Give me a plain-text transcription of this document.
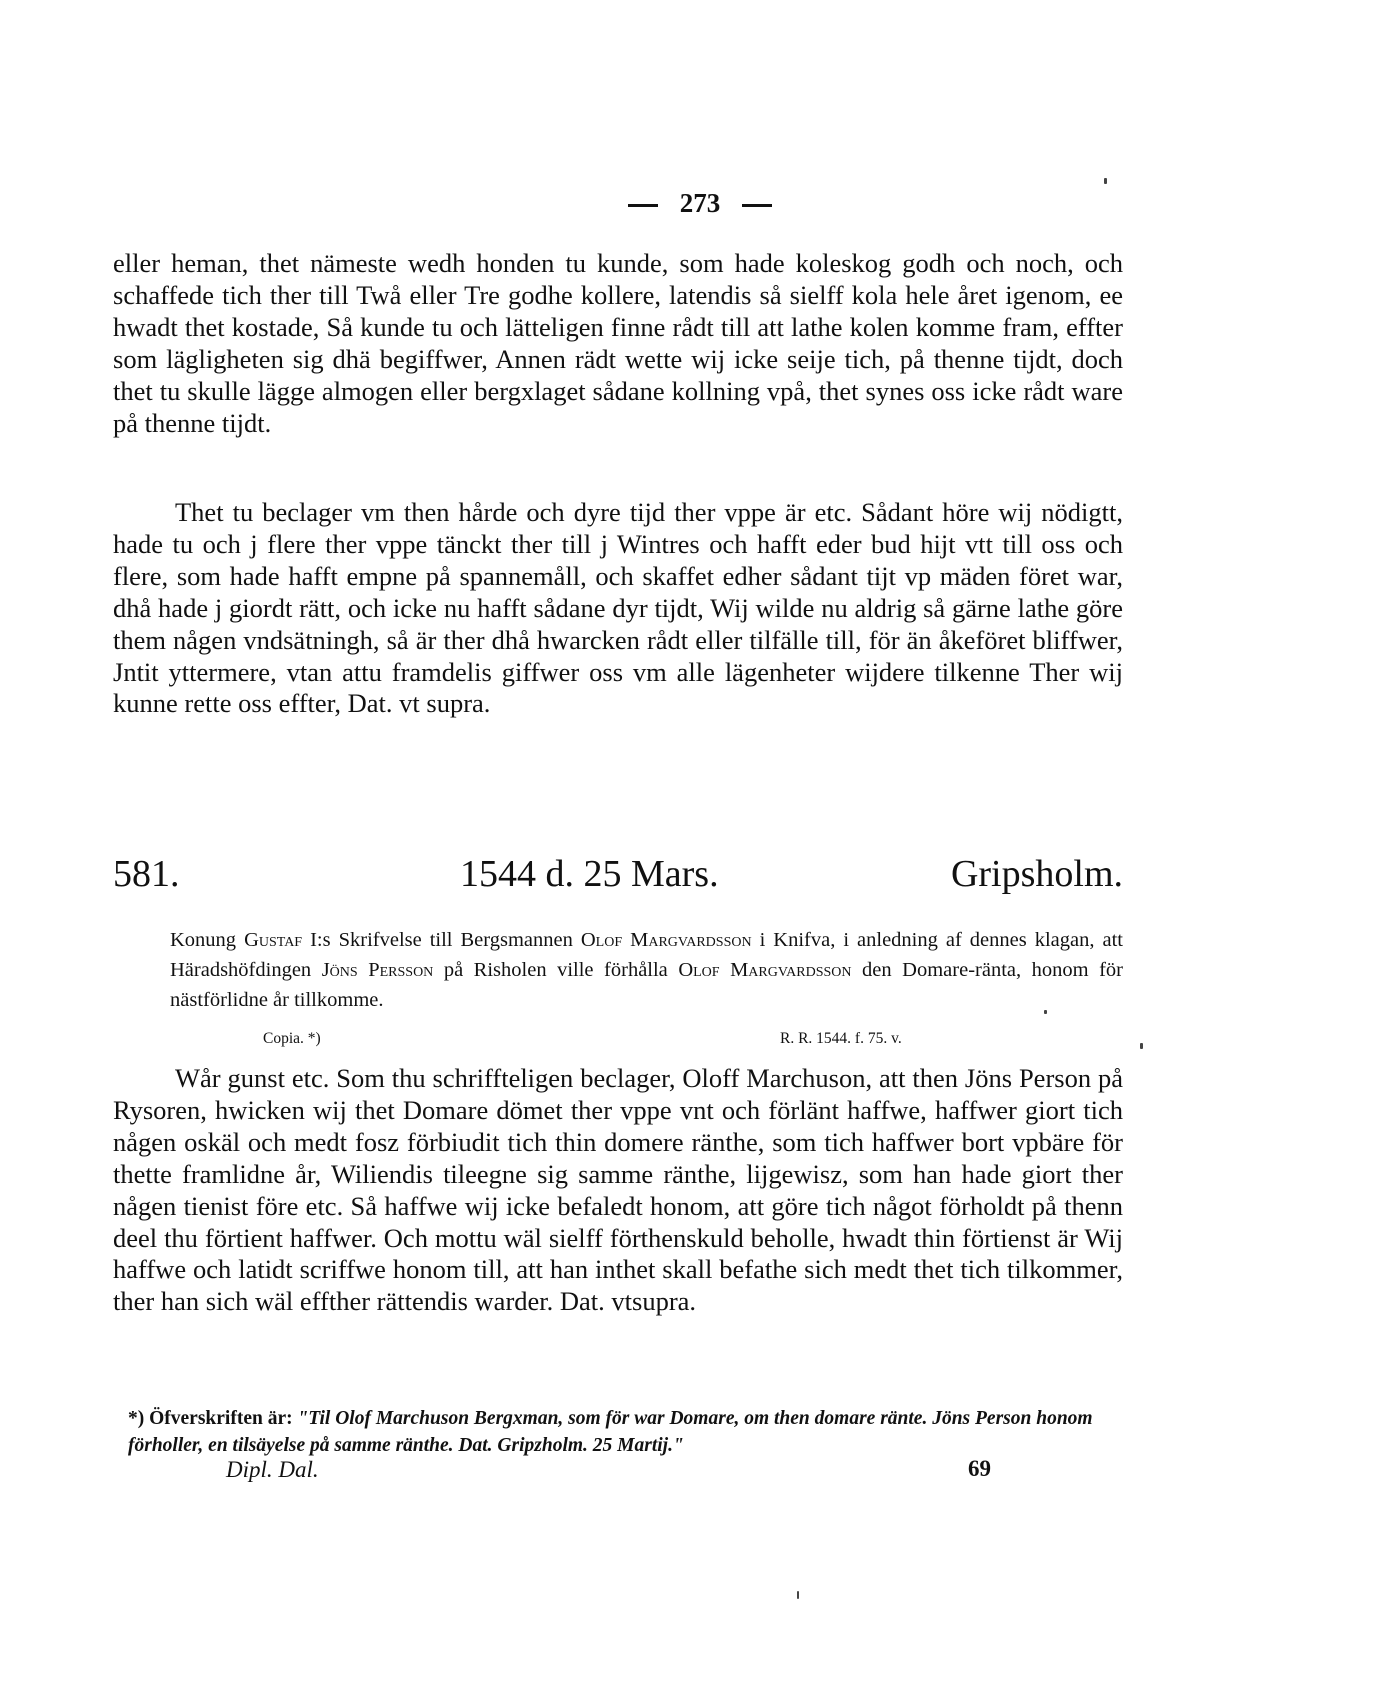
273

eller heman, thet nämeste wedh honden tu kunde, som hade koleskog godh och noch, och schaffede tich ther till Twå eller Tre godhe kollere, latendis så sielff kola hele året igenom, ee hwadt thet kostade, Så kunde tu och lätteligen finne rådt till att lathe kolen komme fram, effter som lägligheten sig dhä begiffwer, Annen rädt wette wij icke seije tich, på thenne tijdt, doch thet tu skulle lägge almogen eller bergxlaget sådane kollning vpå, thet synes oss icke rådt ware på thenne tijdt.

Thet tu beclager vm then hårde och dyre tijd ther vppe är etc. Sådant höre wij nödigtt, hade tu och j flere ther vppe tänckt ther till j Wintres och hafft eder bud hijt vtt till oss och flere, som hade hafft empne på spannemåll, och skaffet edher sådant tijt vp mäden föret war, dhå hade j giordt rätt, och icke nu hafft sådane dyr tijdt, Wij wilde nu aldrig så gärne lathe göre them någen vndsätningh, så är ther dhå hwarcken rådt eller tilfälle till, för än åkeföret bliffwer, Jntit yttermere, vtan attu framdelis giffwer oss vm alle lägenheter wijdere tilkenne Ther wij kunne rette oss effter, Dat. vt supra.

581.	1544 d. 25 Mars.	Gripsholm.

Konung Gustaf I:s Skrifvelse till Bergsmannen Olof Margvardsson i Knifva, i anledning af dennes klagan, att Häradshöfdingen Jöns Persson på Risholen ville förhålla Olof Margvardsson den Domare-ränta, honom för nästförlidne år tillkomme.

Copia. *)	R. R. 1544. f. 75. v.

Wår gunst etc. Som thu schriffteligen beclager, Oloff Marchuson, att then Jöns Person på Rysoren, hwicken wij thet Domare dömet ther vppe vnt och förlänt haffwe, haffwer giort tich någen oskäl och medt fosz förbiudit tich thin domere ränthe, som tich haffwer bort vpbäre för thette framlidne år, Wiliendis tileegne sig samme ränthe, lijgewisz, som han hade giort ther någen tienist före etc. Så haffwe wij icke befaledt honom, att göre tich något förholdt på thenn deel thu förtient haffwer. Och mottu wäl sielff förthenskuld beholle, hwadt thin förtienst är Wij haffwe och latidt scriffwe honom till, att han inthet skall befathe sich medt thet tich tilkommer, ther han sich wäl effther rättendis warder. Dat. vtsupra.

*) Öfverskriften är: "Til Olof Marchuson Bergxman, som för war Domare, om then domare ränte. Jöns Person honom förholler, en tilsäyelse på samme ränthe. Dat. Gripzholm. 25 Martij."

Dipl. Dal.	69
